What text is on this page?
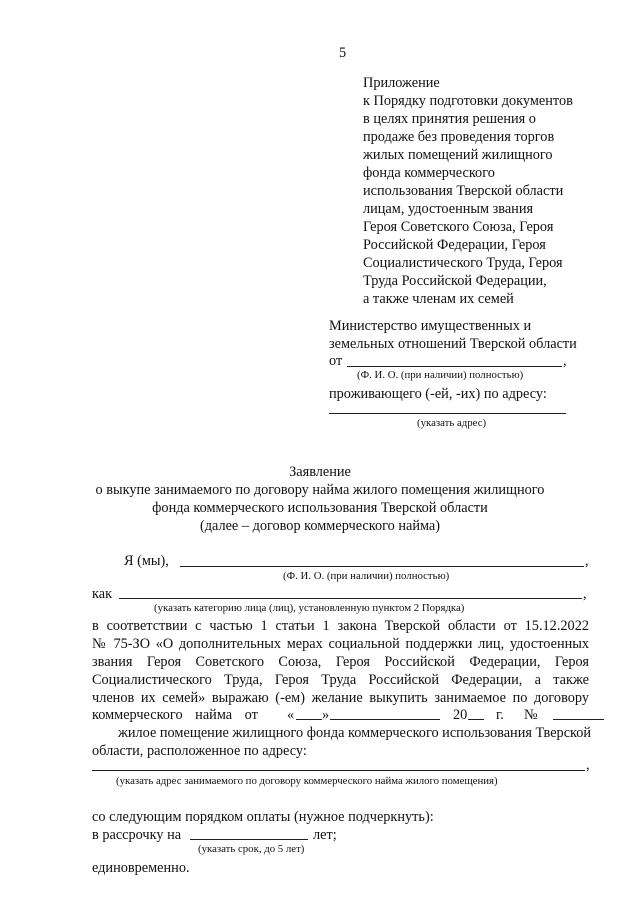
5
Приложение
к Порядку подготовки документов
в целях принятия решения о
продаже без проведения торгов
жилых помещений жилищного
фонда коммерческого
использования Тверской области
лицам, удостоенным звания
Героя Советского Союза, Героя
Российской Федерации, Героя
Социалистического Труда, Героя
Труда Российской Федерации,
а также членам их семей
Министерство имущественных и
земельных отношений Тверской области
от	,
(Ф. И. О. (при наличии) полностью)
проживающего (-ей, -их) по адресу:
(указать адрес)
Заявление
о выкупе занимаемого по договору найма жилого помещения жилищного
фонда коммерческого использования Тверской области
(далее – договор коммерческого найма)
Я (мы),	,
(Ф. И. О. (при наличии) полностью)
как	,
(указать категорию лица (лиц), установленную пунктом 2 Порядка)
в соответствии с частью 1 статьи 1 закона Тверской области от 15.12.2022
№ 75-ЗО «О дополнительных мерах социальной поддержки лиц, удостоенных
звания Героя Советского Союза, Героя Российской Федерации, Героя
Социалистического Труда, Героя Труда Российской Федерации, а также
членов их семей» выражаю (-ем) желание выкупить занимаемое по договору
коммерческого найма от « »	20 г. №
жилое помещение жилищного фонда коммерческого использования Тверской
области, расположенное по адресу:
,
(указать адрес занимаемого по договору коммерческого найма жилого помещения)
со следующим порядком оплаты (нужное подчеркнуть):
в рассрочку на	лет;
(указать срок, до 5 лет)
единовременно.
